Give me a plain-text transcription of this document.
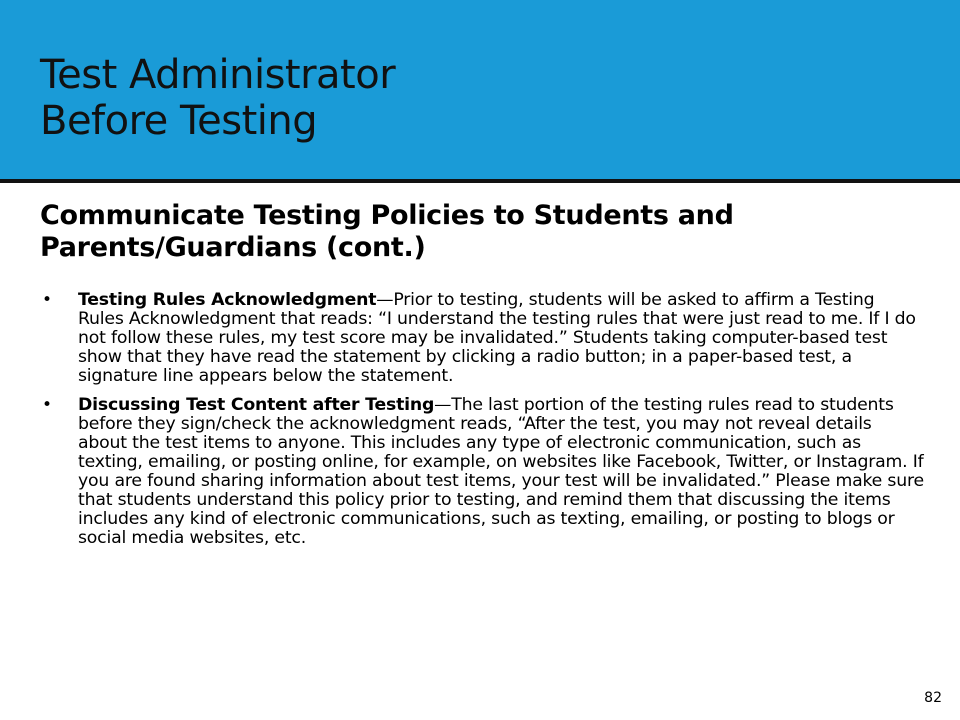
Test Administrator
Before Testing
Communicate Testing Policies to Students and Parents/Guardians (cont.)
• Testing Rules Acknowledgment—Prior to testing, students will be asked to affirm a Testing Rules Acknowledgment that reads: “I understand the testing rules that were just read to me. If I do not follow these rules, my test score may be invalidated.” Students taking computer-based test show that they have read the statement by clicking a radio button; in a paper-based test, a signature line appears below the statement.
• Discussing Test Content after Testing—The last portion of the testing rules read to students before they sign/check the acknowledgment reads, “After the test, you may not reveal details about the test items to anyone. This includes any type of electronic communication, such as texting, emailing, or posting online, for example, on websites like Facebook, Twitter, or Instagram. If you are found sharing information about test items, your test will be invalidated.” Please make sure that students understand this policy prior to testing, and remind them that discussing the items includes any kind of electronic communications, such as texting, emailing, or posting to blogs or social media websites, etc.
82
